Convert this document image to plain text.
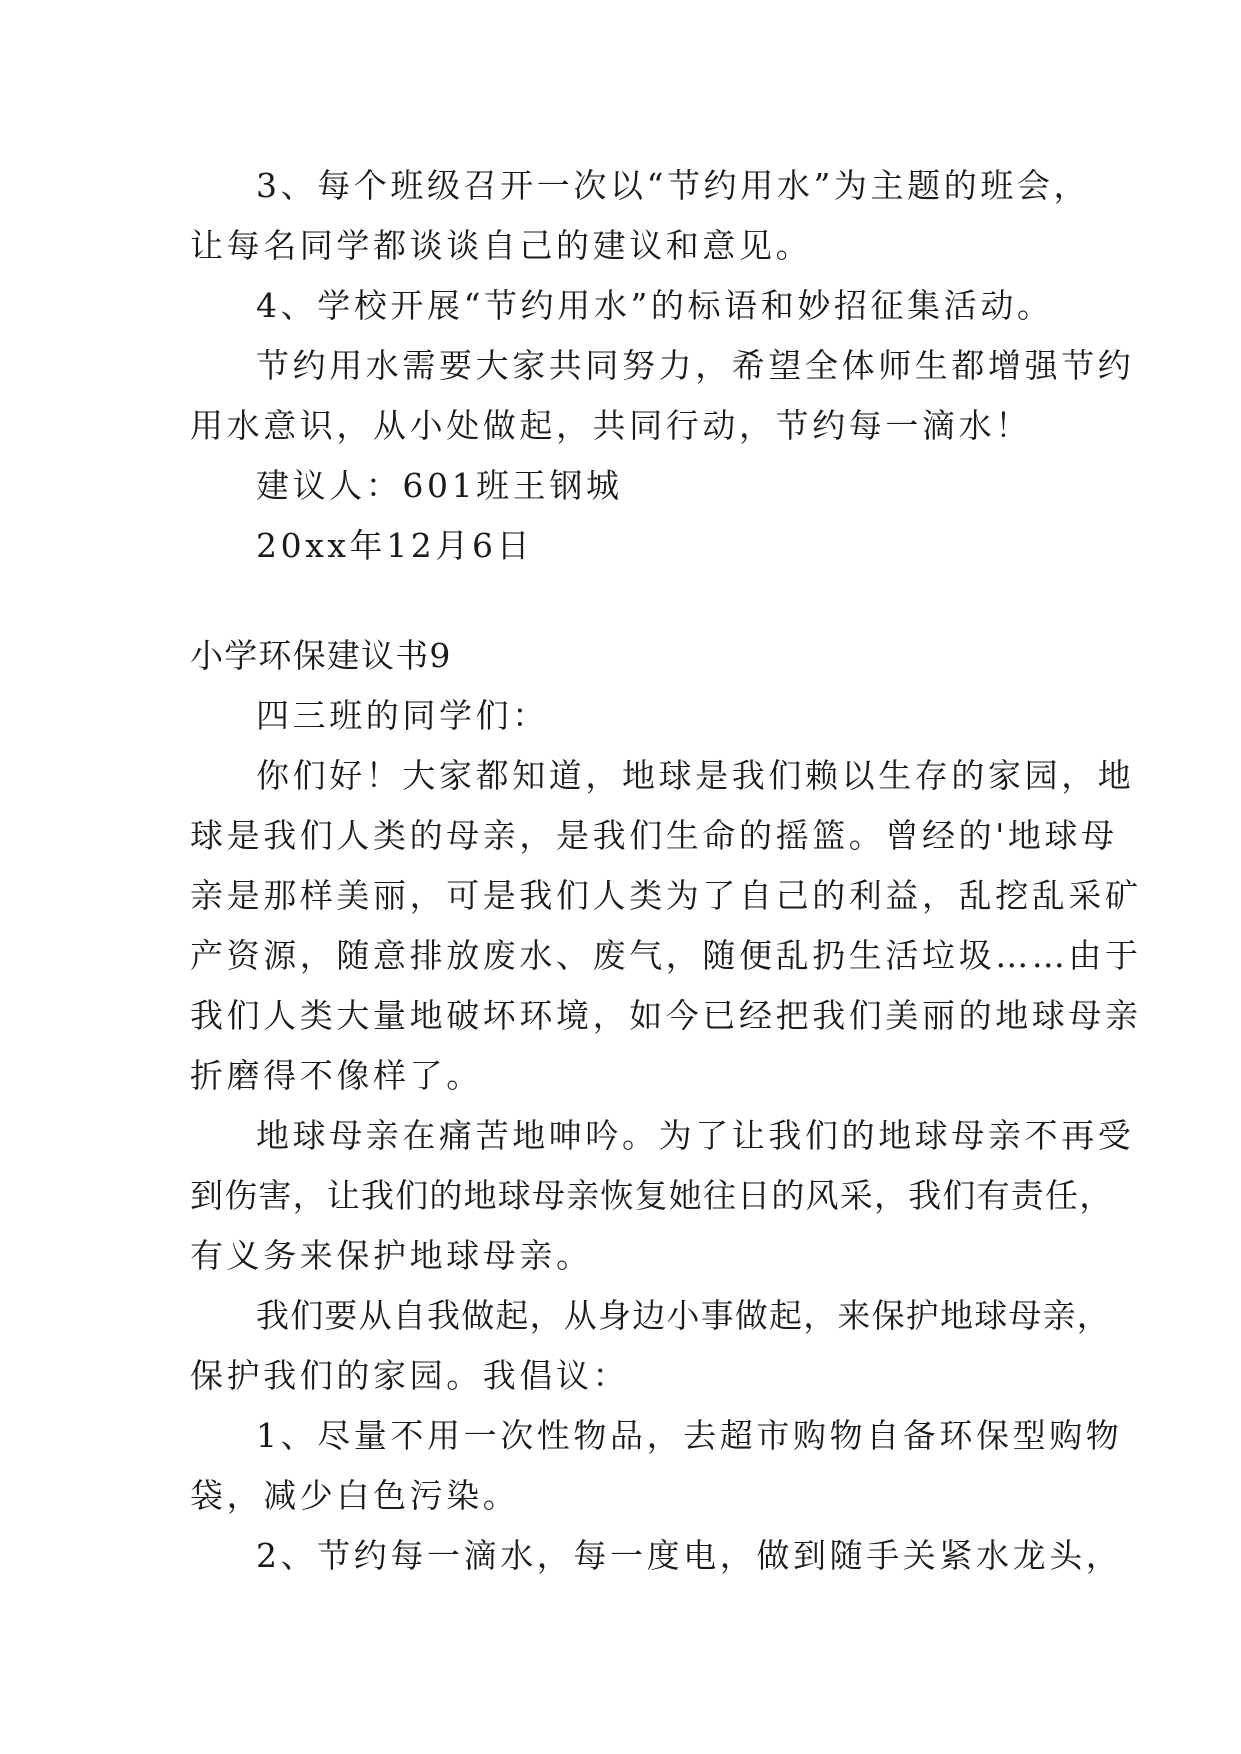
3、每个班级召开一次以“节约用水”为主题的班会，
让每名同学都谈谈自己的建议和意见。
4、学校开展“节约用水”的标语和妙招征集活动。
节约用水需要大家共同努力，希望全体师生都增强节约
用水意识，从小处做起，共同行动，节约每一滴水！
建议人：601班王钢城
20xx年12月6日
小学环保建议书9
四三班的同学们：
你们好！大家都知道，地球是我们赖以生存的家园，地
球是我们人类的母亲，是我们生命的摇篮。曾经的'地球母
亲是那样美丽，可是我们人类为了自己的利益，乱挖乱采矿
产资源，随意排放废水、废气，随便乱扔生活垃圾……由于
我们人类大量地破坏环境，如今已经把我们美丽的地球母亲
折磨得不像样了。
地球母亲在痛苦地呻吟。为了让我们的地球母亲不再受
到伤害，让我们的地球母亲恢复她往日的风采，我们有责任，
有义务来保护地球母亲。
我们要从自我做起，从身边小事做起，来保护地球母亲，
保护我们的家园。我倡议：
1、尽量不用一次性物品，去超市购物自备环保型购物
袋，减少白色污染。
2、节约每一滴水，每一度电，做到随手关紧水龙头，
